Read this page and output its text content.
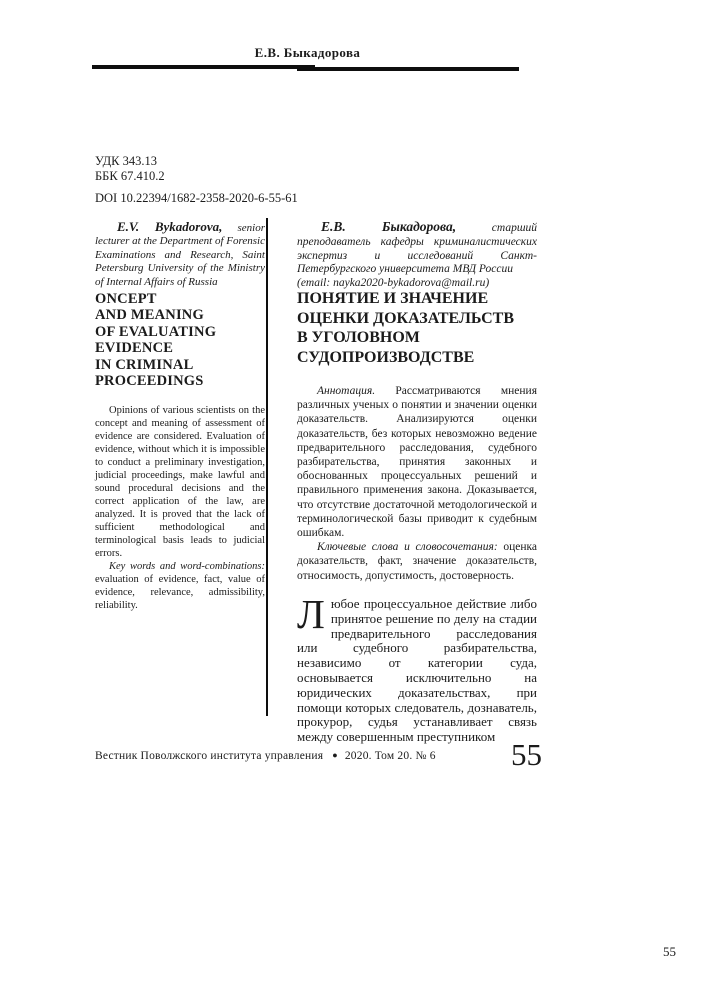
Е.В. Быкадорова
УДК 343.13
ББК 67.410.2
DOI 10.22394/1682-2358-2020-6-55-61
E.V. Bykadorova, senior lecturer at the Department of Forensic Examinations and Research, Saint Petersburg University of the Ministry of Internal Affairs of Russia
ONCEPT
AND MEANING
OF EVALUATING
EVIDENCE
IN CRIMINAL
PROCEEDINGS

Opinions of various scientists on the concept and meaning of assessment of evidence are considered. Evaluation of evidence, without which it is impossible to conduct a preliminary investigation, judicial proceedings, make lawful and sound procedural decisions and the correct application of the law, are analyzed. It is proved that the lack of sufficient methodological and terminological basis leads to judicial errors.

Key words and word-combinations: evaluation of evidence, fact, value of evidence, relevance, admissibility, reliability.

Е.В. Быкадорова,	старший преподаватель кафедры криминалистических экспертиз и исследований Санкт-Петербургского университета МВД России
(email: nayka2020-bykadorova@mail.ru)
ПОНЯТИЕ И ЗНАЧЕНИЕ
ОЦЕНКИ ДОКАЗАТЕЛЬСТВ
В УГОЛОВНОМ
СУДОПРОИЗВОДСТВЕ

Аннотация. Рассматриваются мнения различных ученых о понятии и значении оценки доказательств. Анализируются оценки доказательств, без которых невозможно ведение предварительного расследования, судебного разбирательства, принятия законных и обоснованных процессуальных решений и правильного применения закона. Доказывается, что отсутствие достаточной методологической и терминологической базы приводит к судебным ошибкам.

Ключевые слова и словосочетания: оценка доказательств, факт, значение доказательств, относимость, допустимость, достоверность.

Любое процессуальное действие либо принятое решение по делу на стадии предварительного расследования или судебного разбирательства, независимо от категории суда, основывается исключительно на юридических доказательствах, при помощи которых следователь, дознаватель, прокурор, судья устанавливает связь между совершенным преступником

Вестник Поволжского института управления ● 2020. Том 20. № 6	55
55
